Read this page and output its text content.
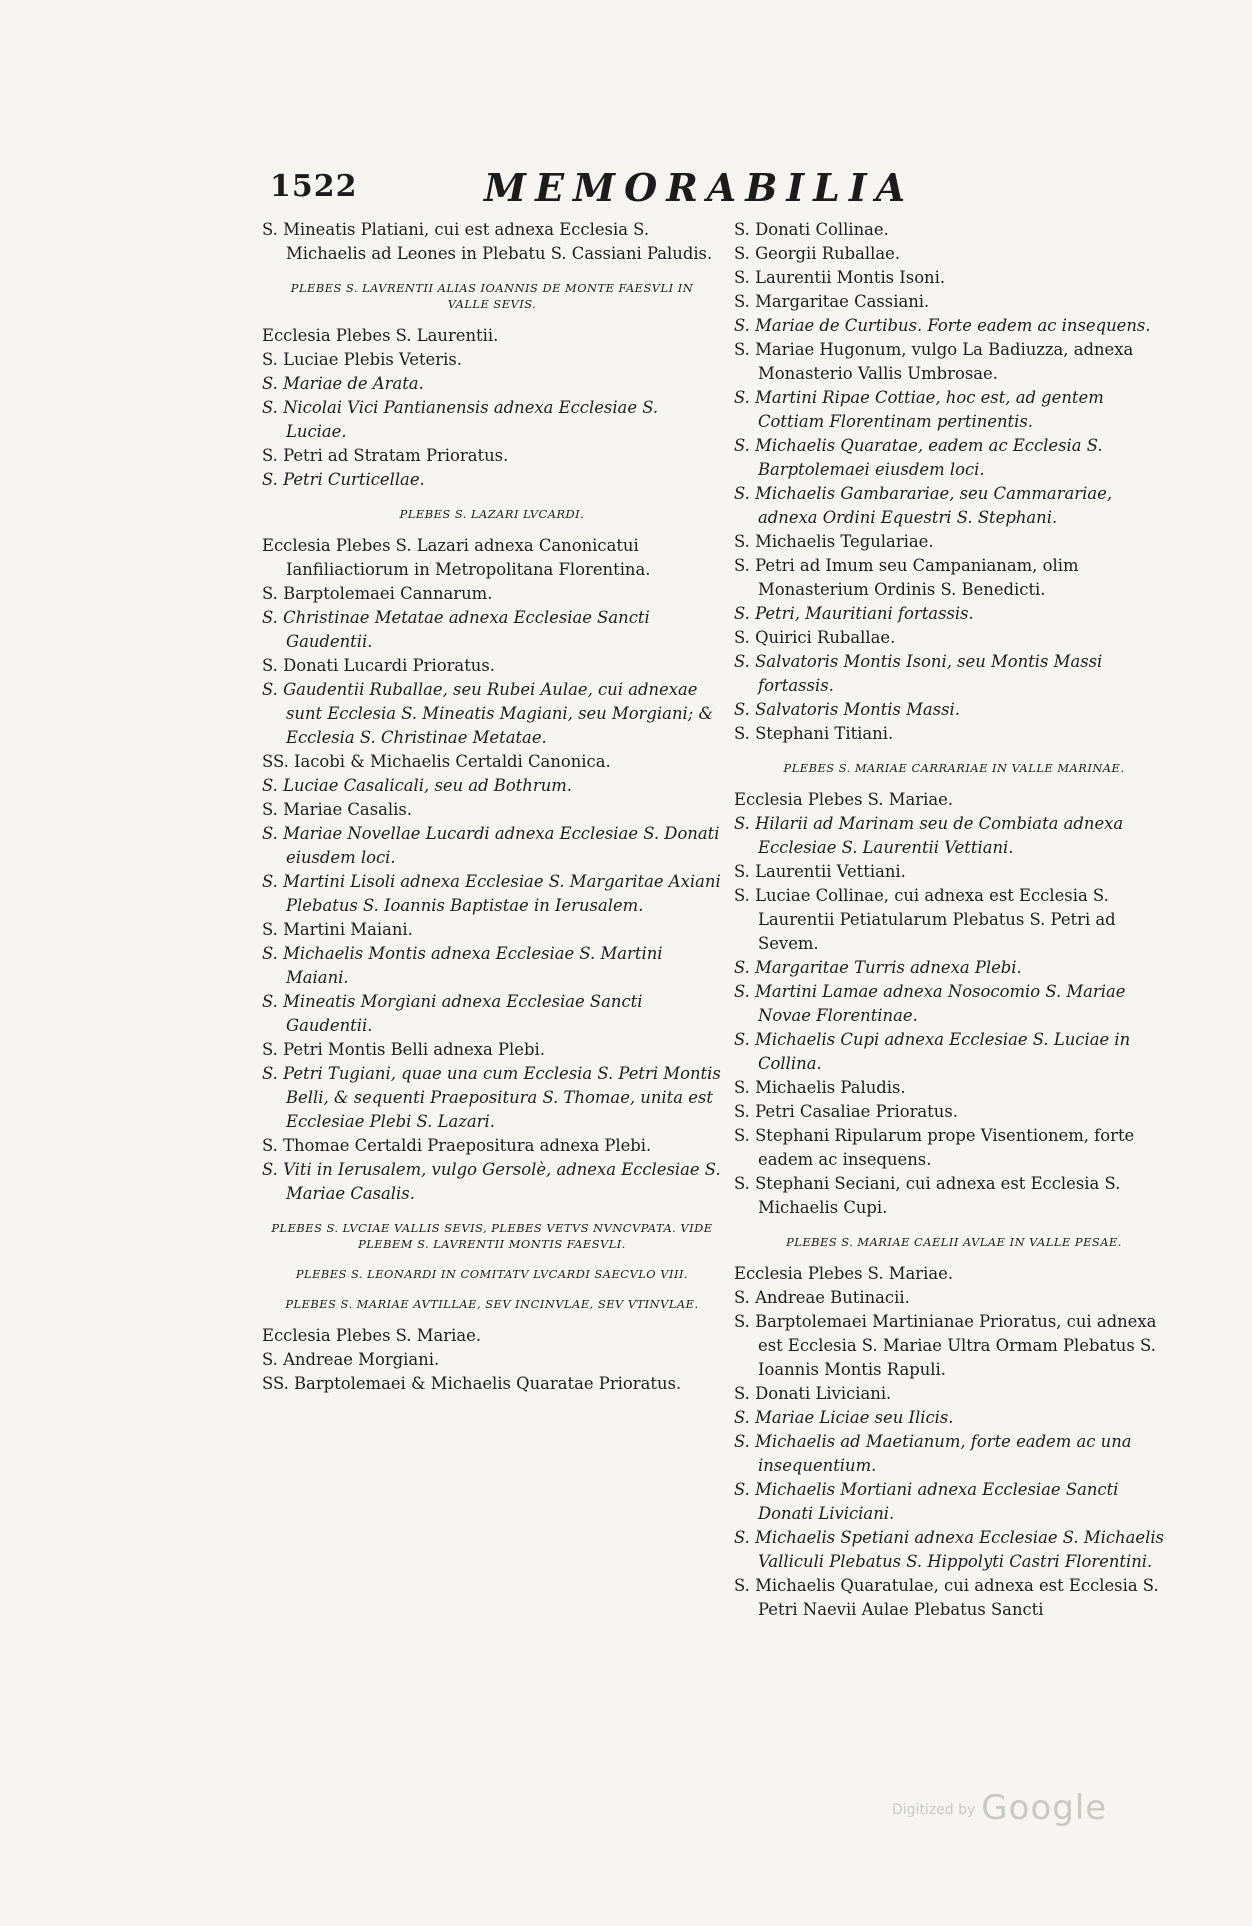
1522	MEMORABILIA
S. Mineatis Platiani, cui est adnexa Ecclesia S. Michaelis ad Leones in Plebatu S. Cassiani Paludis.
PLEBES S. LAVRENTII ALIAS IOANNIS DE MONTE FAESVLI IN VALLE SEVIS.
Ecclesia Plebes S. Laurentii.
S. Luciae Plebis Veteris.
S. Mariae de Arata.
S. Nicolai Vici Pantianensis adnexa Ecclesiae S. Luciae.
S. Petri ad Stratam Prioratus.
S. Petri Curticellae.
PLEBES S. LAZARI LVCARDI.
Ecclesia Plebes S. Lazari adnexa Canonicatui Ianfiliactiorum in Metropolitana Florentina.
S. Barptolemaei Cannarum.
S. Christinae Metatae adnexa Ecclesiae Sancti Gaudentii.
S. Donati Lucardi Prioratus.
S. Gaudentii Ruballae, seu Rubei Aulae, cui adnexae sunt Ecclesia S. Mineatis Magiani, seu Morgiani; & Ecclesia S. Christinae Metatae.
SS. Iacobi & Michaelis Certaldi Canonica.
S. Luciae Casalicali, seu ad Bothrum.
S. Mariae Casalis.
S. Mariae Novellae Lucardi adnexa Ecclesiae S. Donati eiusdem loci.
S. Martini Lisoli adnexa Ecclesiae S. Margaritae Axiani Plebatus S. Ioannis Baptistae in Ierusalem.
S. Martini Maiani.
S. Michaelis Montis adnexa Ecclesiae S. Martini Maiani.
S. Mineatis Morgiani adnexa Ecclesiae Sancti Gaudentii.
S. Petri Montis Belli adnexa Plebi.
S. Petri Tugiani, quae una cum Ecclesia S. Petri Montis Belli, & sequenti Praepositura S. Thomae, unita est Ecclesiae Plebi S. Lazari.
S. Thomae Certaldi Praepositura adnexa Plebi.
S. Viti in Ierusalem, vulgo Gersolè, adnexa Ecclesiae S. Mariae Casalis.
PLEBES S. LVCIAE VALLIS SEVIS, PLEBES VETVS NVNCVPATA. VIDE PLEBEM S. LAVRENTII MONTIS FAESVLI.
PLEBES S. LEONARDI IN COMITATV LVCARDI SAECVLO VIII.
PLEBES S. MARIAE AVTILLAE, SEV INCINVLAE, SEV VTINVLAE.
Ecclesia Plebes S. Mariae.
S. Andreae Morgiani.
SS. Barptolemaei & Michaelis Quaratae Prioratus.
S. Donati Collinae.
S. Georgii Ruballae.
S. Laurentii Montis Isoni.
S. Margaritae Cassiani.
S. Mariae de Curtibus. Forte eadem ac insequens.
S. Mariae Hugonum, vulgo La Badiuzza, adnexa Monasterio Vallis Umbrosae.
S. Martini Ripae Cottiae, hoc est, ad gentem Cottiam Florentinam pertinentis.
S. Michaelis Quaratae, eadem ac Ecclesia S. Barptolemaei eiusdem loci.
S. Michaelis Gambarariae, seu Cammarariae, adnexa Ordini Equestri S. Stephani.
S. Michaelis Tegulariae.
S. Petri ad Imum seu Campanianam, olim Monasterium Ordinis S. Benedicti.
S. Petri, Mauritiani fortassis.
S. Quirici Ruballae.
S. Salvatoris Montis Isoni, seu Montis Massi fortassis.
S. Salvatoris Montis Massi.
S. Stephani Titiani.
PLEBES S. MARIAE CARRARIAE IN VALLE MARINAE.
Ecclesia Plebes S. Mariae.
S. Hilarii ad Marinam seu de Combiata adnexa Ecclesiae S. Laurentii Vettiani.
S. Laurentii Vettiani.
S. Luciae Collinae, cui adnexa est Ecclesia S. Laurentii Petiatularum Plebatus S. Petri ad Sevem.
S. Margaritae Turris adnexa Plebi.
S. Martini Lamae adnexa Nosocomio S. Mariae Novae Florentinae.
S. Michaelis Cupi adnexa Ecclesiae S. Luciae in Collina.
S. Michaelis Paludis.
S. Petri Casaliae Prioratus.
S. Stephani Ripularum prope Visentionem, forte eadem ac insequens.
S. Stephani Seciani, cui adnexa est Ecclesia S. Michaelis Cupi.
PLEBES S. MARIAE CAELII AVLAE IN VALLE PESAE.
Ecclesia Plebes S. Mariae.
S. Andreae Butinacii.
S. Barptolemaei Martinianae Prioratus, cui adnexa est Ecclesia S. Mariae Ultra Ormam Plebatus S. Ioannis Montis Rapuli.
S. Donati Liviciani.
S. Mariae Liciae seu Ilicis.
S. Michaelis ad Maetianum, forte eadem ac una insequentium.
S. Michaelis Mortiani adnexa Ecclesiae Sancti Donati Liviciani.
S. Michaelis Spetiani adnexa Ecclesiae S. Michaelis Valliculi Plebatus S. Hippolyti Castri Florentini.
S. Michaelis Quaratulae, cui adnexa est Ecclesia S. Petri Naevii Aulae Plebatus Sancti
Digitized by Google
